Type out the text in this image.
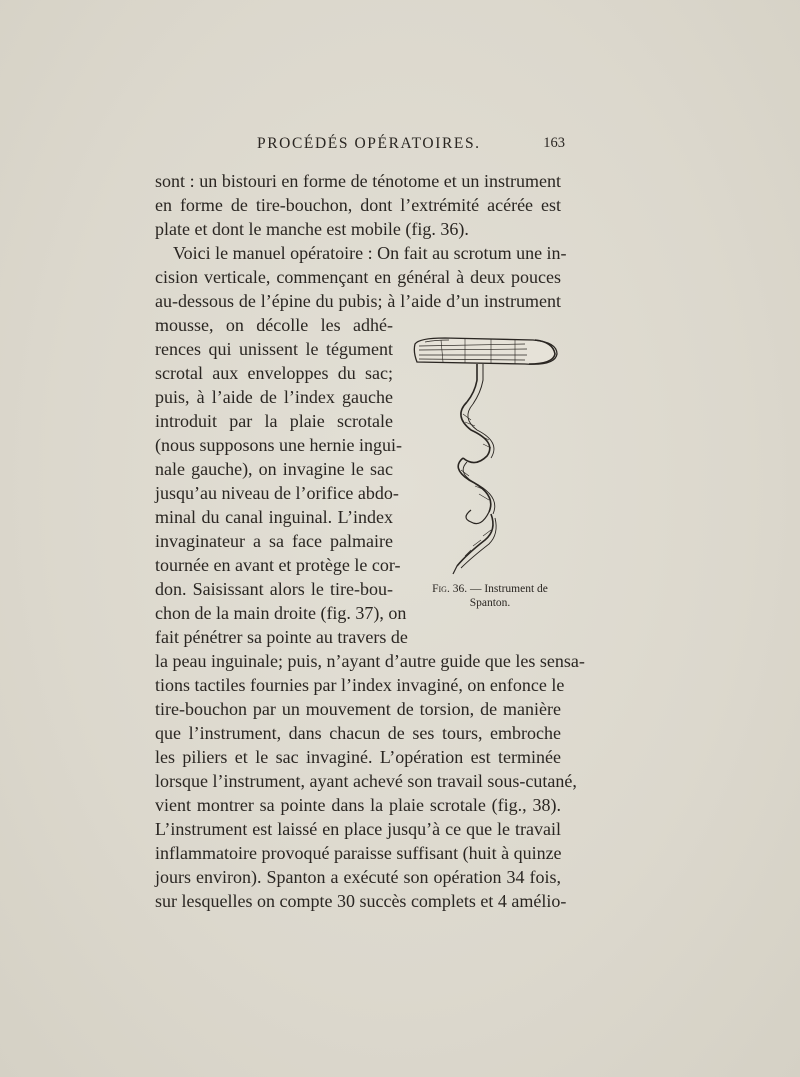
PROCÉDÉS OPÉRATOIRES.	163
sont : un bistouri en forme de ténotome et un instrument
en forme de tire-bouchon, dont l’extrémité acérée est
plate et dont le manche est mobile (fig. 36).
Voici le manuel opératoire : On fait au scrotum une in-
cision verticale, commençant en général à deux pouces
au-dessous de l’épine du pubis; à l’aide d’un instrument
mousse, on décolle les adhé-
rences qui unissent le tégument
scrotal aux enveloppes du sac;
puis, à l’aide de l’index gauche
introduit par la plaie scrotale
(nous supposons une hernie ingui-
nale gauche), on invagine le sac
jusqu’au niveau de l’orifice abdo-
minal du canal inguinal. L’index
invaginateur a sa face palmaire
tournée en avant et protège le cor-
don. Saisissant alors le tire-bou-
chon de la main droite (fig. 37), on
fait pénétrer sa pointe au travers de
la peau inguinale; puis, n’ayant d’autre guide que les sensa-
tions tactiles fournies par l’index invaginé, on enfonce le
tire-bouchon par un mouvement de torsion, de manière
que l’instrument, dans chacun de ses tours, embroche
les piliers et le sac invaginé. L’opération est terminée
lorsque l’instrument, ayant achevé son travail sous-cutané,
vient montrer sa pointe dans la plaie scrotale (fig., 38).
L’instrument est laissé en place jusqu’à ce que le travail
inflammatoire provoqué paraisse suffisant (huit à quinze
jours environ). Spanton a exécuté son opération 34 fois,
sur lesquelles on compte 30 succès complets et 4 amélio-
Fig. 36. — Instrument de Spanton.
